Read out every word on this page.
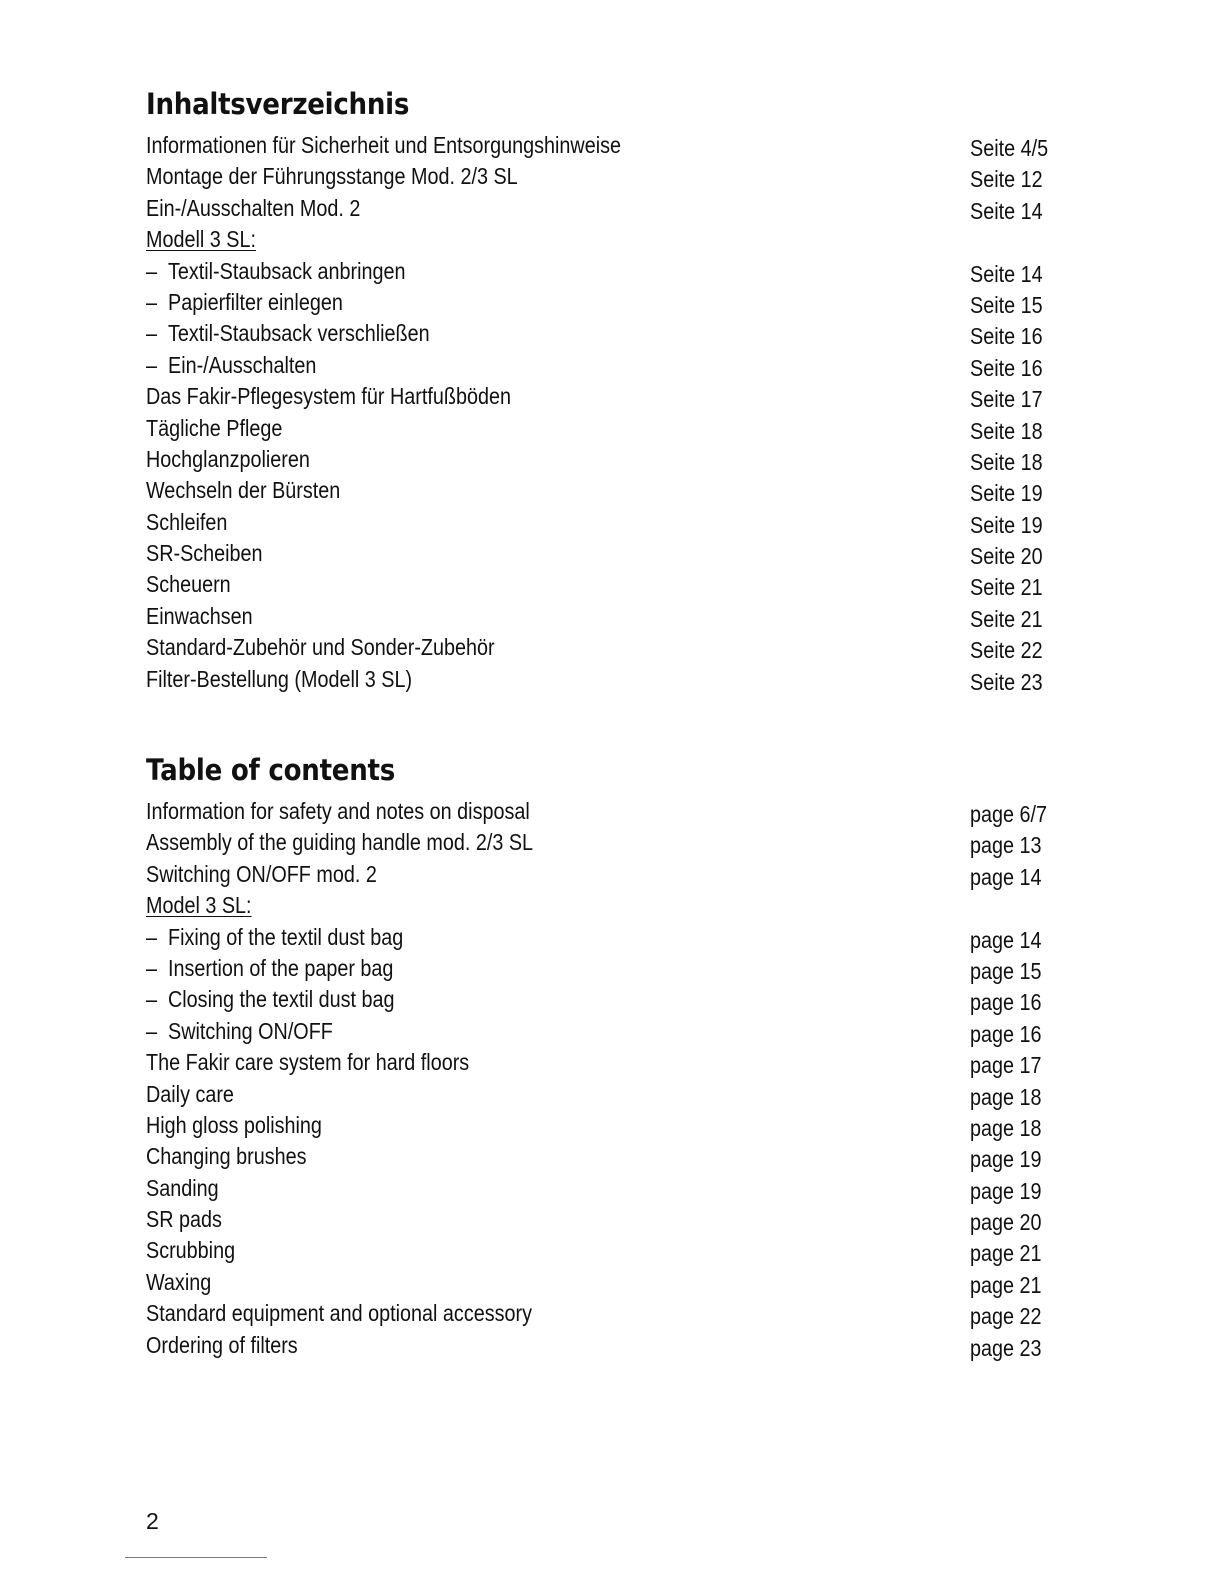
Inhaltsverzeichnis
Informationen für Sicherheit und Entsorgungshinweise	Seite 4/5
Montage der Führungsstange Mod. 2/3 SL	Seite 12
Ein-/Ausschalten Mod. 2	Seite 14
Modell 3 SL:
–  Textil-Staubsack anbringen	Seite 14
–  Papierfilter einlegen	Seite 15
–  Textil-Staubsack verschließen	Seite 16
–  Ein-/Ausschalten	Seite 16
Das Fakir-Pflegesystem für Hartfußböden	Seite 17
Tägliche Pflege	Seite 18
Hochglanzpolieren	Seite 18
Wechseln der Bürsten	Seite 19
Schleifen	Seite 19
SR-Scheiben	Seite 20
Scheuern	Seite 21
Einwachsen	Seite 21
Standard-Zubehör und Sonder-Zubehör	Seite 22
Filter-Bestellung (Modell 3 SL)	Seite 23
Table of contents
Information for safety and notes on disposal	page 6/7
Assembly of the guiding handle mod. 2/3 SL	page 13
Switching ON/OFF mod. 2	page 14
Model 3 SL:
–  Fixing of the textil dust bag	page 14
–  Insertion of the paper bag	page 15
–  Closing the textil dust bag	page 16
–  Switching ON/OFF	page 16
The Fakir care system for hard floors	page 17
Daily care	page 18
High gloss polishing	page 18
Changing brushes	page 19
Sanding	page 19
SR pads	page 20
Scrubbing	page 21
Waxing	page 21
Standard equipment and optional accessory	page 22
Ordering of filters	page 23
2
